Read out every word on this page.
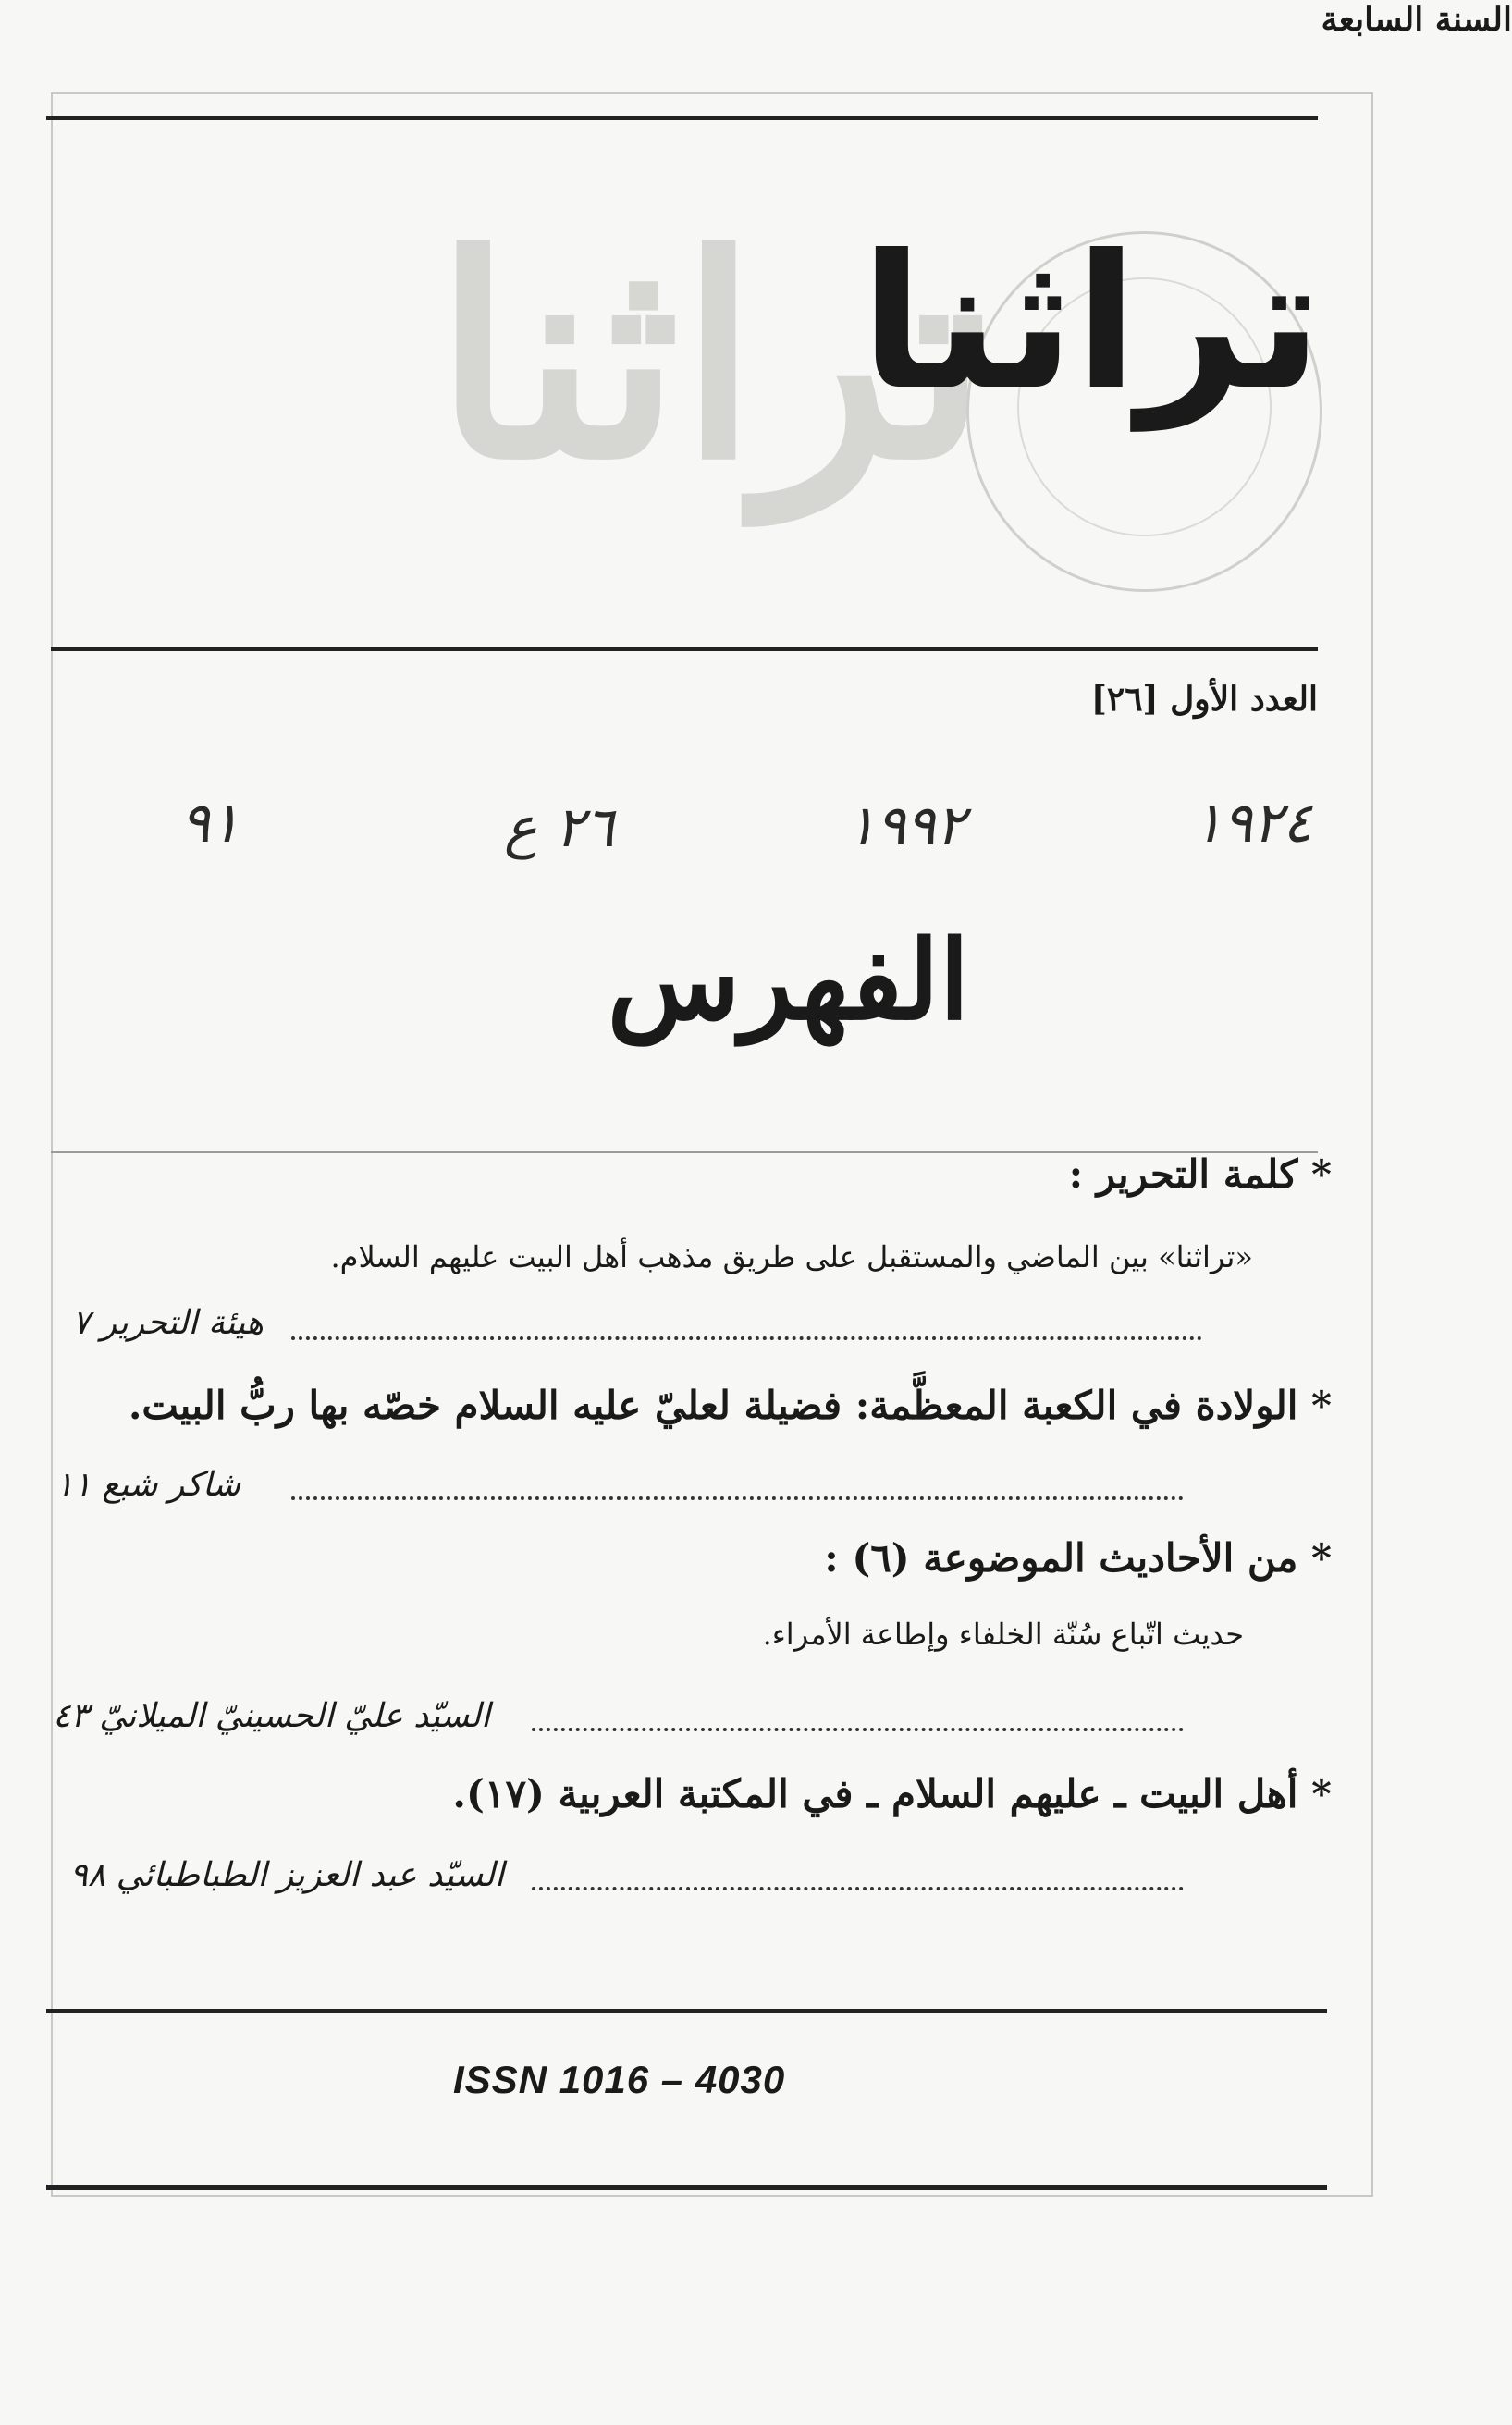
تراثنا
تراثنا
العدد الأول [٢٦]
السنة السابعة
٩١	٢٦ ع	١٩٩٢	١٩٢٤
الفهرس
* كلمة التحرير :
«تراثنا» بين الماضي والمستقبل على طريق مذهب أهل البيت عليهم السلام.
هيئة التحرير ٧
* الولادة في الكعبة المعظَّمة: فضيلة لعليّ عليه السلام خصّه بها ربُّ البيت.
شاكر شبع ١١
* من الأحاديث الموضوعة (٦) :
حديث اتّباع سُنّة الخلفاء وإطاعة الأمراء.
السيّد عليّ الحسينيّ الميلانيّ ٤٣
* أهل البيت ـ عليهم السلام ـ في المكتبة العربية (١٧).
السيّد عبد العزيز الطباطبائي ٩٨
ISSN 1016 – 4030
